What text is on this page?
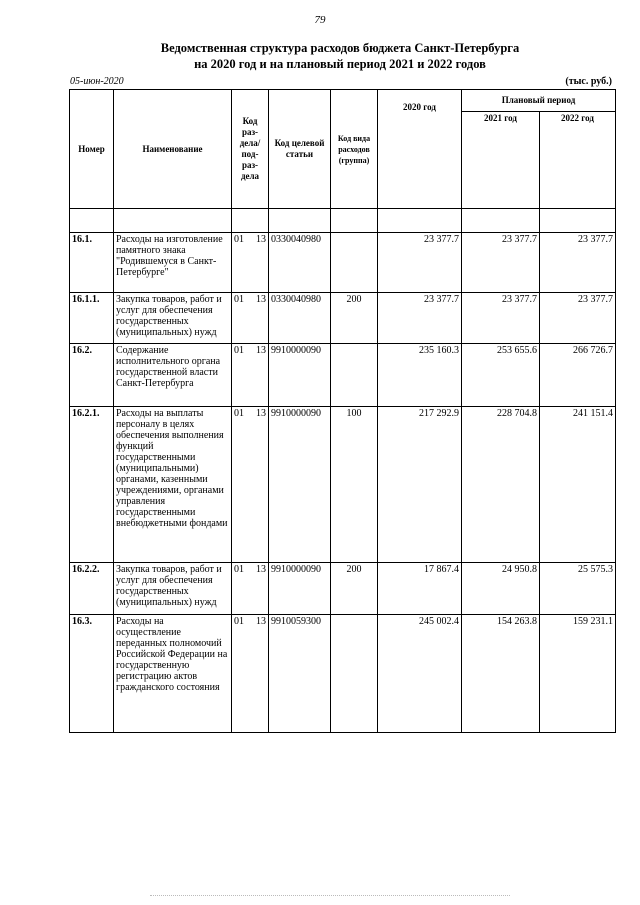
79
Ведомственная структура расходов бюджета Санкт-Петербурга
на 2020 год и на плановый период 2021 и 2022 годов
05-июн-2020	(тыс. руб.)
Номер	Наименование	Код раз- дела/ под- раз- дела	Код целевой статьи	Код вида расходов (группа)	2020 год	Плановый период	
						2021 год	2022 год

16.1.	Расходы на изготовление памятного знака "Родившемуся в Санкт-Петербурге"	01 13	0330040980		23 377.7	23 377.7	23 377.7
16.1.1.	Закупка товаров, работ и услуг для обеспечения государственных (муниципальных) нужд	01 13	0330040980	200	23 377.7	23 377.7	23 377.7
16.2.	Содержание исполнительного органа государственной власти Санкт-Петербурга	01 13	9910000090		235 160.3	253 655.6	266 726.7
16.2.1.	Расходы на выплаты персоналу в целях обеспечения выполнения функций государственными (муниципальными) органами, казенными учреждениями, органами управления государственными внебюджетными фондами	01 13	9910000090	100	217 292.9	228 704.8	241 151.4
16.2.2.	Закупка товаров, работ и услуг для обеспечения государственных (муниципальных) нужд	01 13	9910000090	200	17 867.4	24 950.8	25 575.3
16.3.	Расходы на осуществление переданных полномочий Российской Федерации на государственную регистрацию актов гражданского состояния	01 13	9910059300		245 002.4	154 263.8	159 231.1
